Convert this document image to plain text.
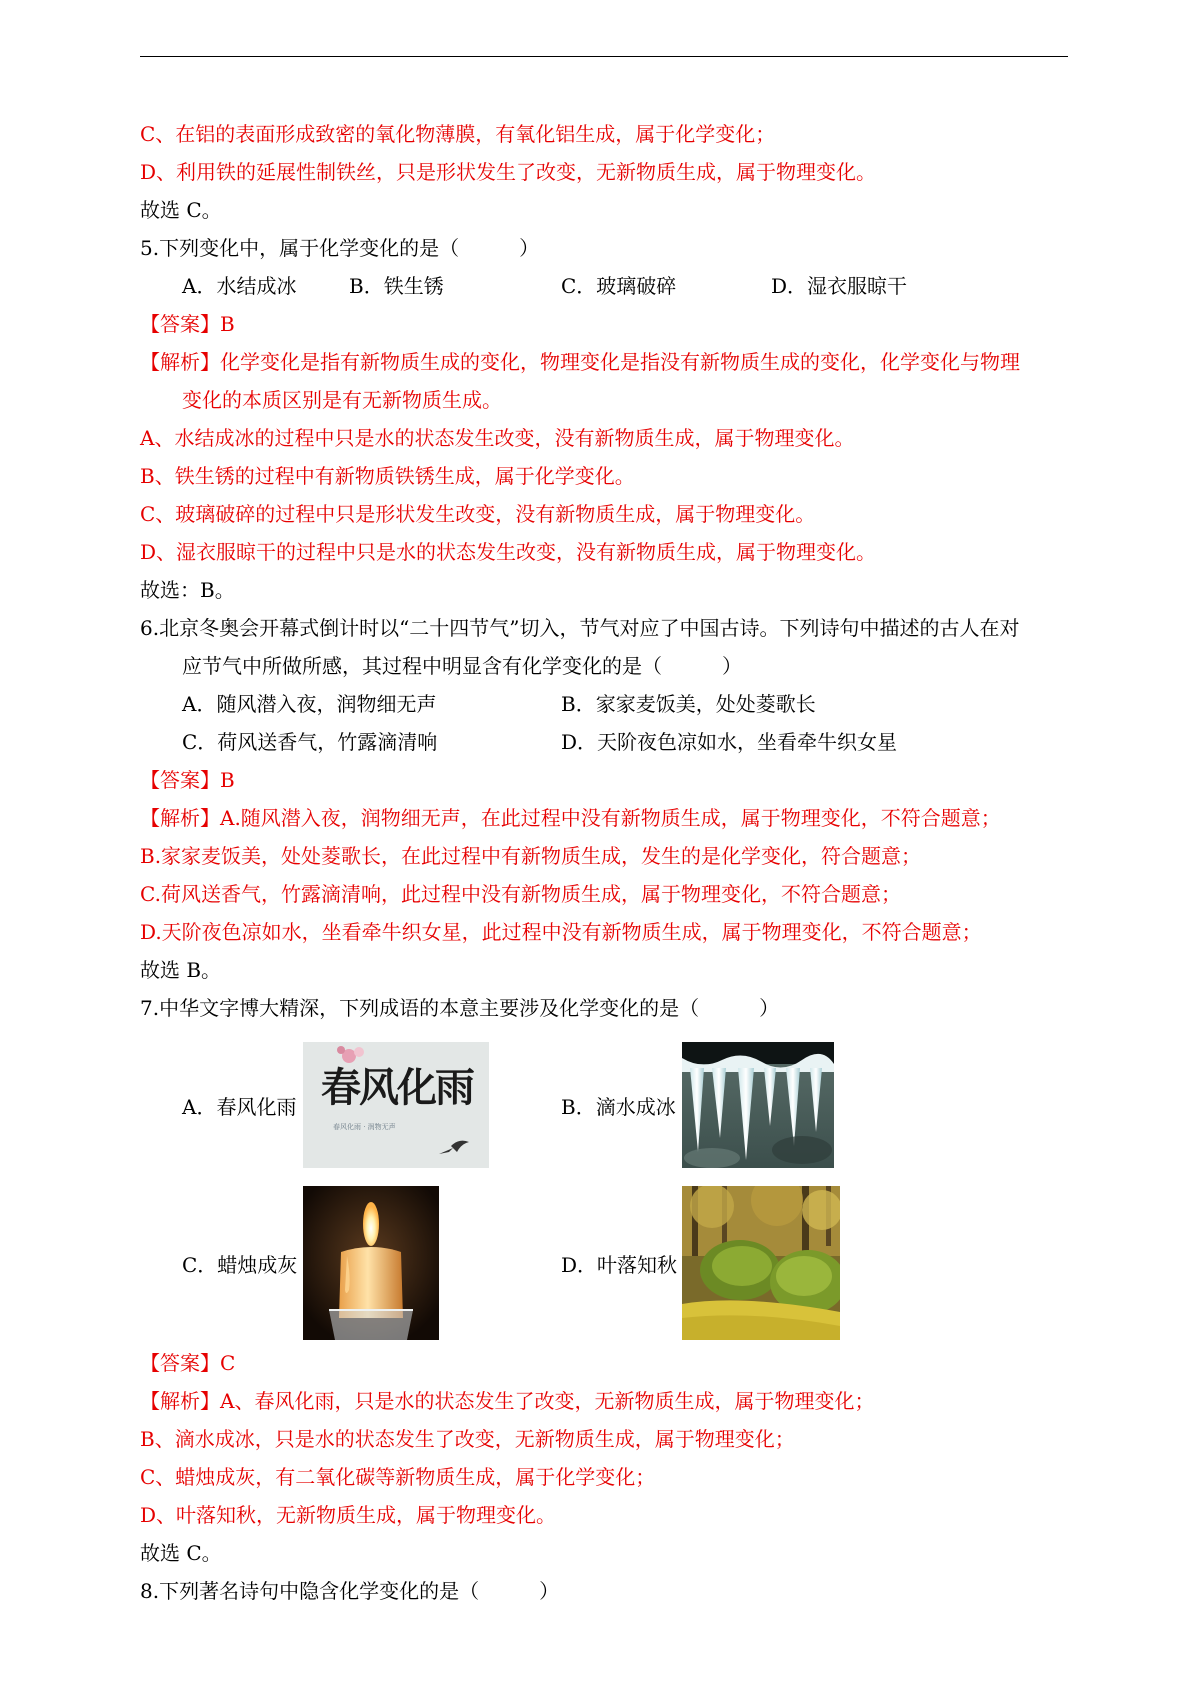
C、在铝的表面形成致密的氧化物薄膜，有氧化铝生成，属于化学变化；
D、利用铁的延展性制铁丝，只是形状发生了改变，无新物质生成，属于物理变化。
故选 C。
5.下列变化中，属于化学变化的是（　　　）
A．水结成冰	B．铁生锈	C．玻璃破碎	D．湿衣服晾干
【答案】B
【解析】化学变化是指有新物质生成的变化，物理变化是指没有新物质生成的变化，化学变化与物理
变化的本质区别是有无新物质生成。
A、水结成冰的过程中只是水的状态发生改变，没有新物质生成，属于物理变化。
B、铁生锈的过程中有新物质铁锈生成，属于化学变化。
C、玻璃破碎的过程中只是形状发生改变，没有新物质生成，属于物理变化。
D、湿衣服晾干的过程中只是水的状态发生改变，没有新物质生成，属于物理变化。
故选：B。
6.北京冬奥会开幕式倒计时以“二十四节气”切入，节气对应了中国古诗。下列诗句中描述的古人在对
应节气中所做所感，其过程中明显含有化学变化的是（　　　）
A．随风潜入夜，润物细无声	B．家家麦饭美，处处菱歌长
C．荷风送香气，竹露滴清响	D．天阶夜色凉如水，坐看牵牛织女星
【答案】B
【解析】A.随风潜入夜，润物细无声，在此过程中没有新物质生成，属于物理变化，不符合题意；
B.家家麦饭美，处处菱歌长，在此过程中有新物质生成，发生的是化学变化，符合题意；
C.荷风送香气，竹露滴清响，此过程中没有新物质生成，属于物理变化，不符合题意；
D.天阶夜色凉如水，坐看牵牛织女星，此过程中没有新物质生成，属于物理变化，不符合题意；
故选 B。
7.中华文字博大精深，下列成语的本意主要涉及化学变化的是（　　　）
A．春风化雨 春风化雨
春风化雨 · 润物无声
B．滴水成冰
C．蜡烛成灰	D．叶落知秋
【答案】C
【解析】A、春风化雨，只是水的状态发生了改变，无新物质生成，属于物理变化；
B、滴水成冰，只是水的状态发生了改变，无新物质生成，属于物理变化；
C、蜡烛成灰，有二氧化碳等新物质生成，属于化学变化；
D、叶落知秋，无新物质生成，属于物理变化。
故选 C。
8.下列著名诗句中隐含化学变化的是（　　　）
